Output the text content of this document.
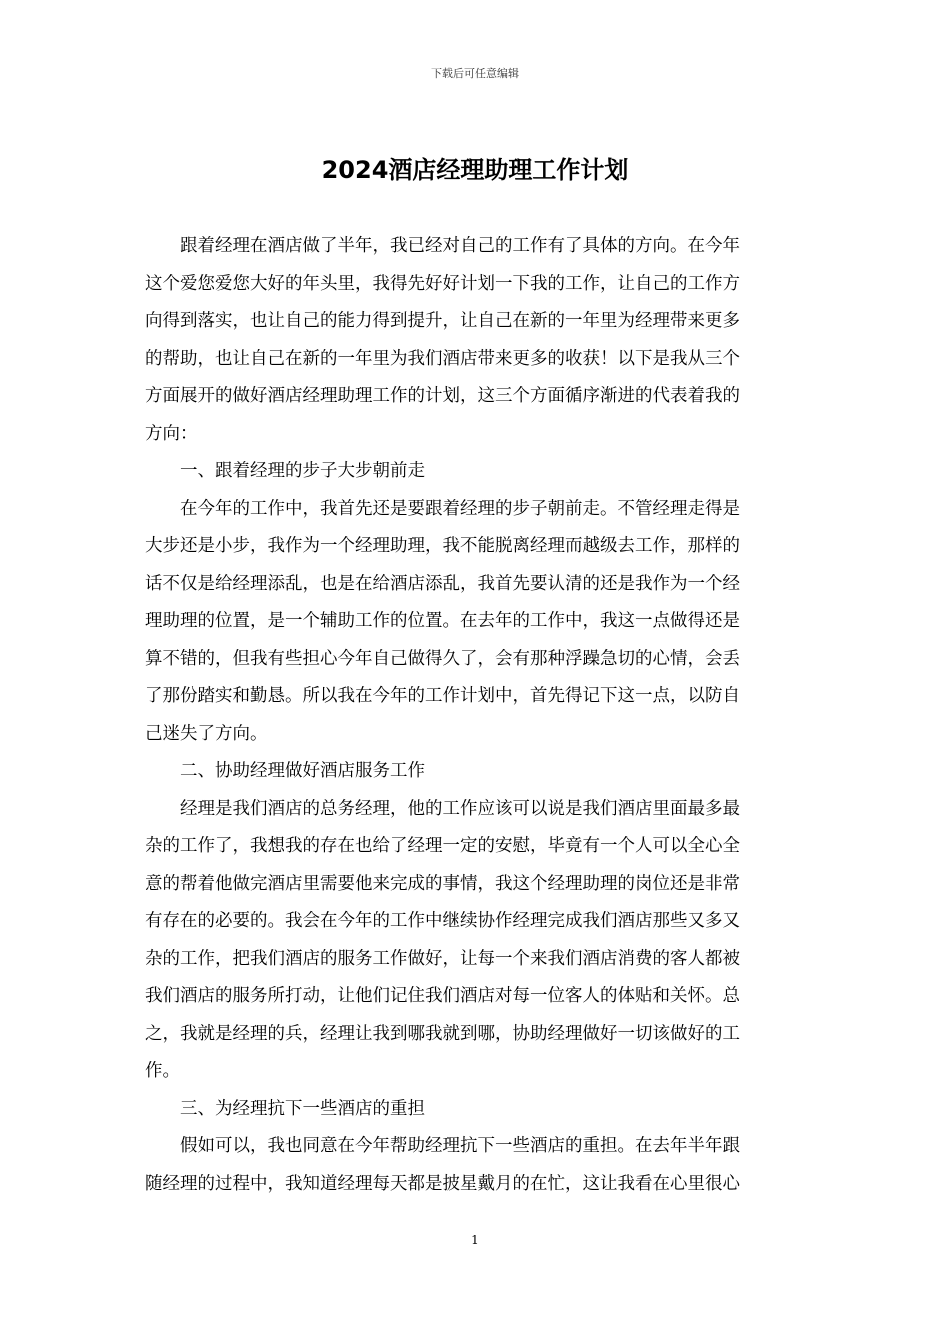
下载后可任意编辑
2024酒店经理助理工作计划

跟着经理在酒店做了半年，我已经对自己的工作有了具体的方向。在今年

这个爱您爱您大好的年头里，我得先好好计划一下我的工作，让自己的工作方

向得到落实，也让自己的能力得到提升，让自己在新的一年里为经理带来更多

的帮助，也让自己在新的一年里为我们酒店带来更多的收获！以下是我从三个

方面展开的做好酒店经理助理工作的计划，这三个方面循序渐进的代表着我的

方向：

一、跟着经理的步子大步朝前走

在今年的工作中，我首先还是要跟着经理的步子朝前走。不管经理走得是

大步还是小步，我作为一个经理助理，我不能脱离经理而越级去工作，那样的

话不仅是给经理添乱，也是在给酒店添乱，我首先要认清的还是我作为一个经

理助理的位置，是一个辅助工作的位置。在去年的工作中，我这一点做得还是

算不错的，但我有些担心今年自己做得久了，会有那种浮躁急切的心情，会丢

了那份踏实和勤恳。所以我在今年的工作计划中，首先得记下这一点，以防自

己迷失了方向。

二、协助经理做好酒店服务工作

经理是我们酒店的总务经理，他的工作应该可以说是我们酒店里面最多最

杂的工作了，我想我的存在也给了经理一定的安慰，毕竟有一个人可以全心全

意的帮着他做完酒店里需要他来完成的事情，我这个经理助理的岗位还是非常

有存在的必要的。我会在今年的工作中继续协作经理完成我们酒店那些又多又

杂的工作，把我们酒店的服务工作做好，让每一个来我们酒店消费的客人都被

我们酒店的服务所打动，让他们记住我们酒店对每一位客人的体贴和关怀。总

之，我就是经理的兵，经理让我到哪我就到哪，协助经理做好一切该做好的工

作。

三、为经理抗下一些酒店的重担

假如可以，我也同意在今年帮助经理抗下一些酒店的重担。在去年半年跟

随经理的过程中，我知道经理每天都是披星戴月的在忙，这让我看在心里很心

1
